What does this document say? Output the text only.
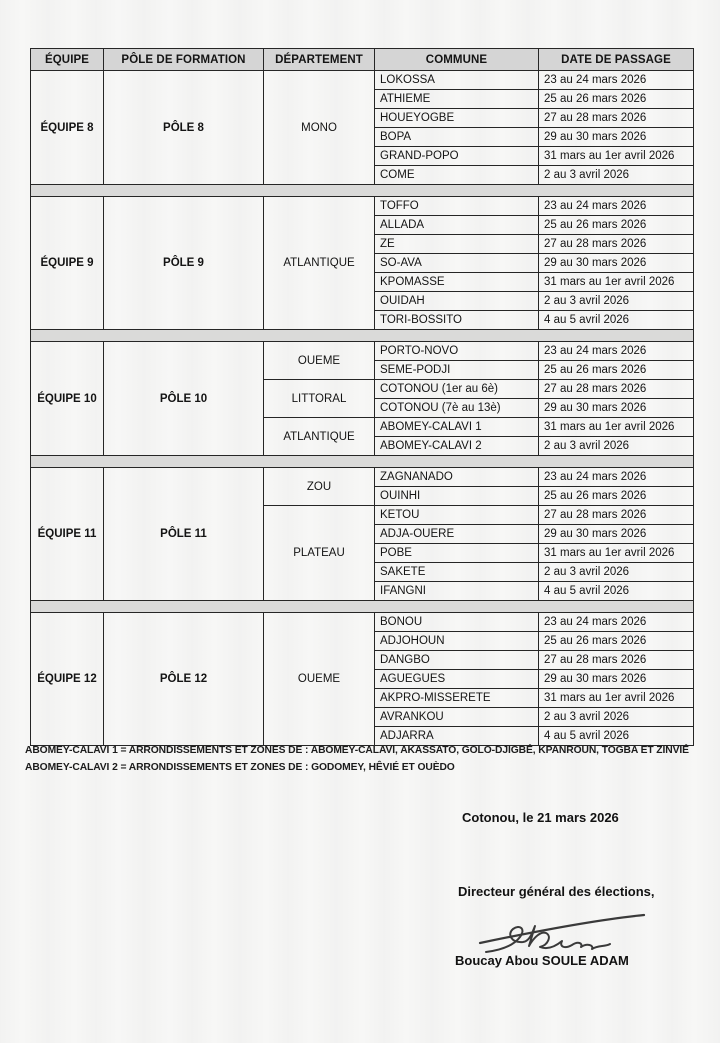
ÉQUIPE	PÔLE DE FORMATION	DÉPARTEMENT	COMMUNE	DATE DE PASSAGE
ÉQUIPE 8	PÔLE 8	MONO	LOKOSSA	23 au 24 mars 2026
			ATHIEME	25 au 26 mars 2026
			HOUEYOGBE	27 au 28 mars 2026
			BOPA	29 au 30 mars 2026
			GRAND-POPO	31 mars au 1er avril 2026
			COME	2 au 3 avril 2026

ÉQUIPE 9	PÔLE 9	ATLANTIQUE	TOFFO	23 au 24 mars 2026
			ALLADA	25 au 26 mars 2026
			ZE	27 au 28 mars 2026
			SO-AVA	29 au 30 mars 2026
			KPOMASSE	31 mars au 1er avril 2026
			OUIDAH	2 au 3 avril 2026
			TORI-BOSSITO	4 au 5 avril 2026

ÉQUIPE 10	PÔLE 10	OUEME	PORTO-NOVO	23 au 24 mars 2026
			SEME-PODJI	25 au 26 mars 2026
		LITTORAL	COTONOU (1er au 6è)	27 au 28 mars 2026
			COTONOU (7è au 13è)	29 au 30 mars 2026
		ATLANTIQUE	ABOMEY-CALAVI 1	31 mars au 1er avril 2026
			ABOMEY-CALAVI 2	2 au 3 avril 2026

ÉQUIPE 11	PÔLE 11	ZOU	ZAGNANADO	23 au 24 mars 2026
			OUINHI	25 au 26 mars 2026
		PLATEAU	KETOU	27 au 28 mars 2026
			ADJA-OUERE	29 au 30 mars 2026
			POBE	31 mars au 1er avril 2026
			SAKETE	2 au 3 avril 2026
			IFANGNI	4 au 5 avril 2026

ÉQUIPE 12	PÔLE 12	OUEME	BONOU	23 au 24 mars 2026
			ADJOHOUN	25 au 26 mars 2026
			DANGBO	27 au 28 mars 2026
			AGUEGUES	29 au 30 mars 2026
			AKPRO-MISSERETE	31 mars au 1er avril 2026
			AVRANKOU	2 au 3 avril 2026
			ADJARRA	4 au 5 avril 2026
ABOMEY-CALAVI 1 = ARRONDISSEMENTS ET ZONES DE : ABOMEY-CALAVI, AKASSATO, GOLO-DJIGBÉ, KPANROUN, TOGBA ET ZINVIÉ
ABOMEY-CALAVI 2 = ARRONDISSEMENTS ET ZONES DE : GODOMEY, HÊVIÉ ET OUÈDO
Cotonou, le 21 mars 2026
Directeur général des élections,
Boucay Abou SOULE ADAM
